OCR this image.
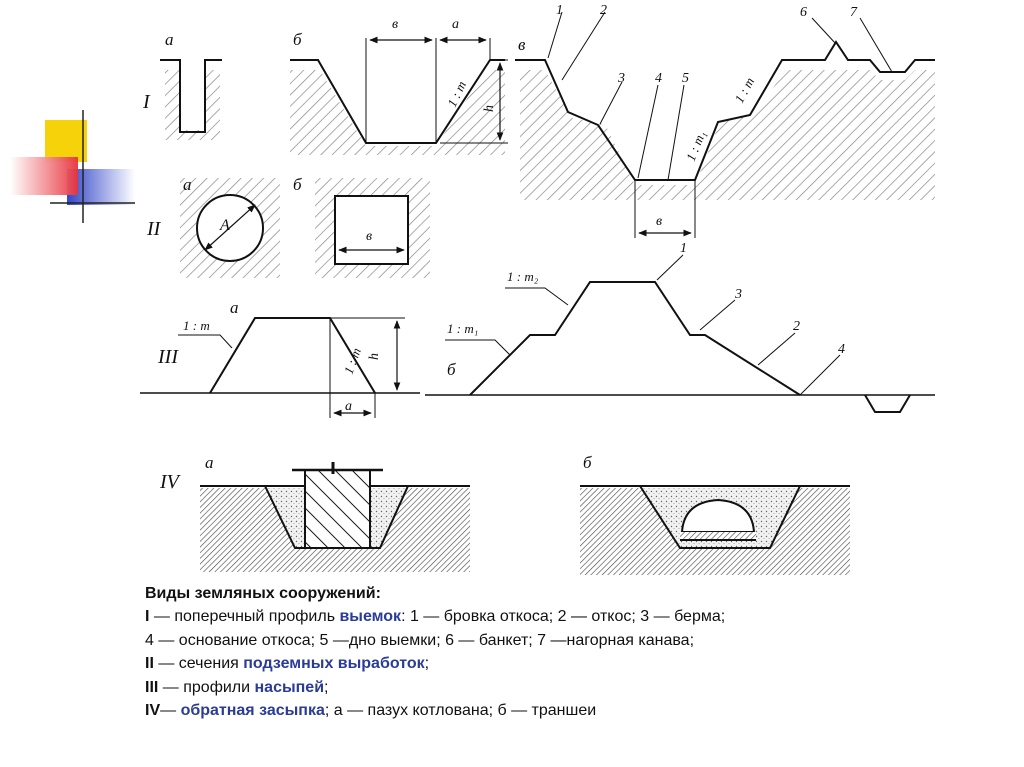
I
а	б	в
в	а
1 : m h
1	2
3 4 5
6	7
1 : m
1 : m₁
в
II
а	б
A
в
III
а
1 : m
1 : m h
а
б
1 : m₁
1 : m₂
1
3
2
4
IV
а	б
Виды земляных сооружений:
I — поперечный профиль выемок: 1 — бровка откоса; 2 — откос; 3 — берма;
4 — основание откоса; 5 —дно выемки; 6 — банкет; 7 —нагорная канава;
II — сечения подземных выработок;
III — профили насыпей;
IV— обратная засыпка; а — пазух котлована; б — траншеи
